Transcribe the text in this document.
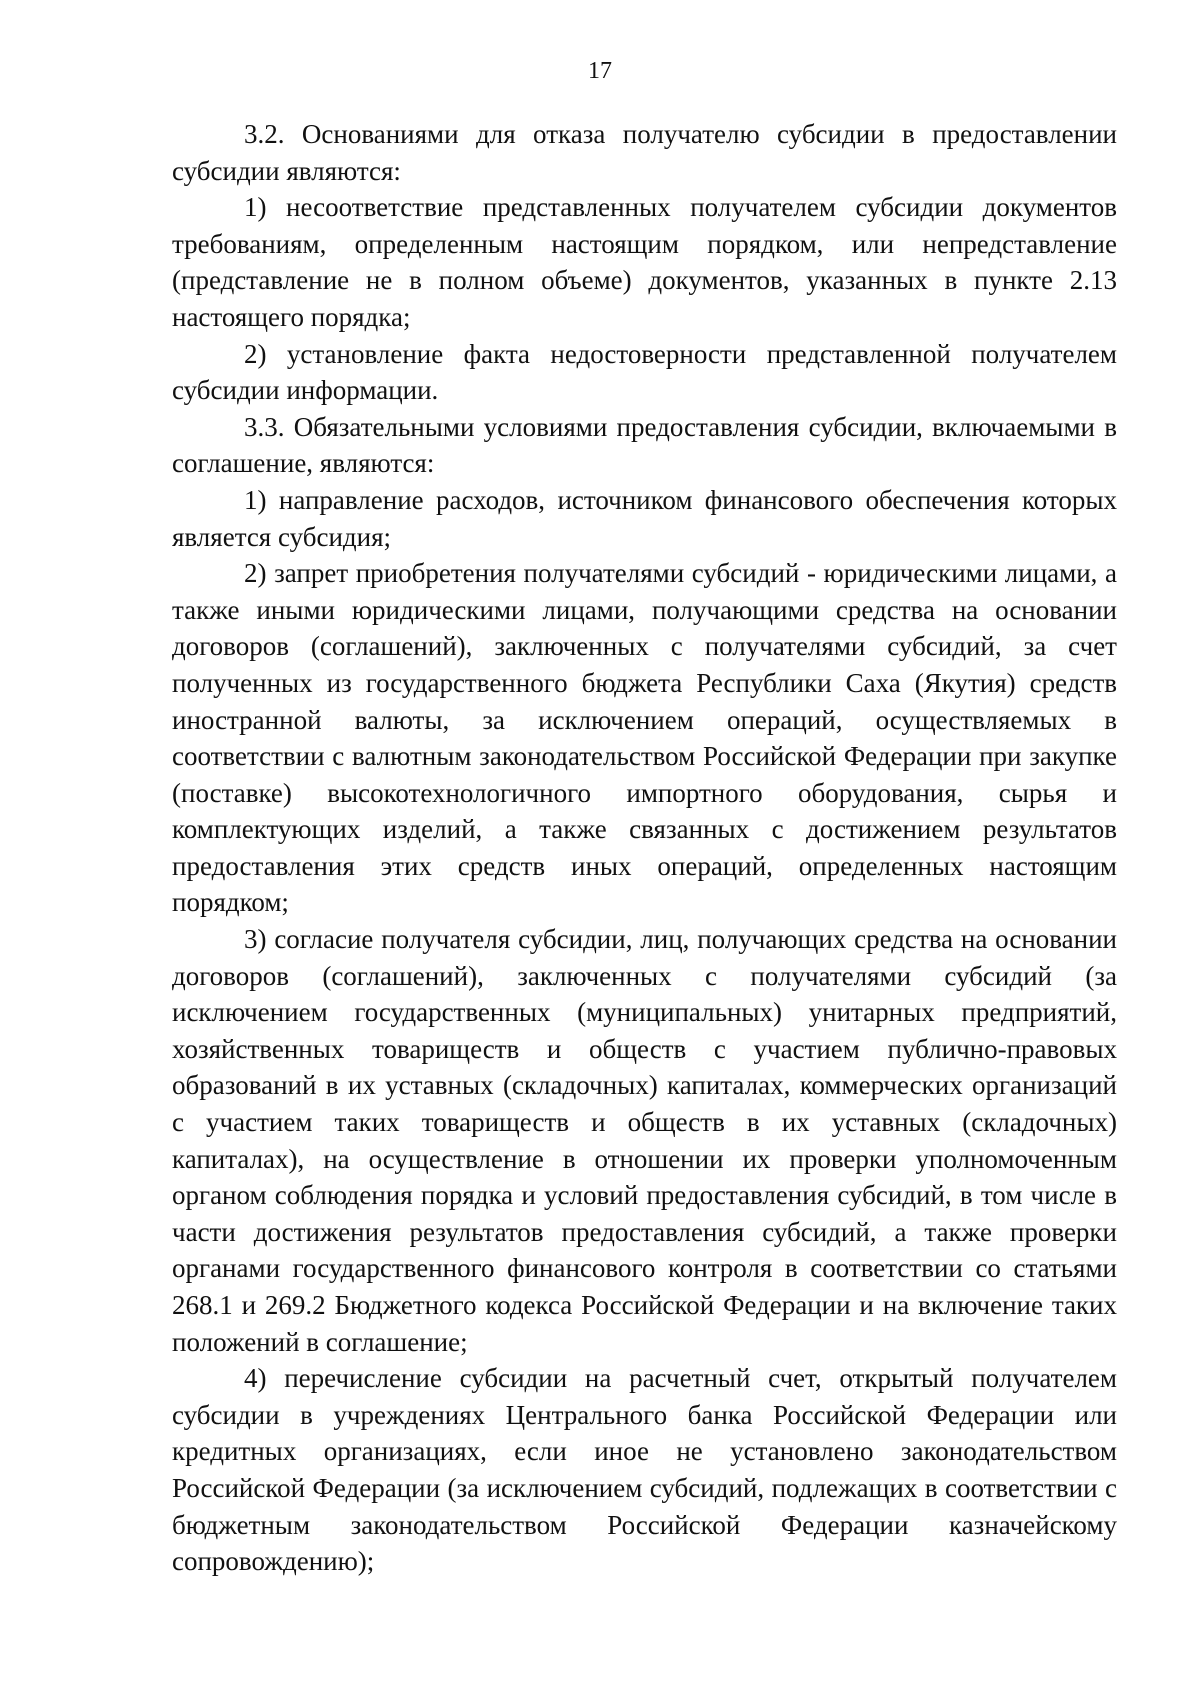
17

3.2. Основаниями для отказа получателю субсидии в предоставлении субсидии являются:

1) несоответствие представленных получателем субсидии документов требованиям, определенным настоящим порядком, или непредставление (представление не в полном объеме) документов, указанных в пункте 2.13 настоящего порядка;

2) установление факта недостоверности представленной получателем субсидии информации.

3.3. Обязательными условиями предоставления субсидии, включаемыми в соглашение, являются:

1) направление расходов, источником финансового обеспечения которых является субсидия;

2) запрет приобретения получателями субсидий - юридическими лицами, а также иными юридическими лицами, получающими средства на основании договоров (соглашений), заключенных с получателями субсидий, за счет полученных из государственного бюджета Республики Саха (Якутия) средств иностранной валюты, за исключением операций, осуществляемых в соответствии с валютным законодательством Российской Федерации при закупке (поставке) высокотехнологичного импортного оборудования, сырья и комплектующих изделий, а также связанных с достижением результатов предоставления этих средств иных операций, определенных настоящим порядком;

3) согласие получателя субсидии, лиц, получающих средства на основании договоров (соглашений), заключенных с получателями субсидий (за исключением государственных (муниципальных) унитарных предприятий, хозяйственных товариществ и обществ с участием публично-правовых образований в их уставных (складочных) капиталах, коммерческих организаций с участием таких товариществ и обществ в их уставных (складочных) капиталах), на осуществление в отношении их проверки уполномоченным органом соблюдения порядка и условий предоставления субсидий, в том числе в части достижения результатов предоставления субсидий, а также проверки органами государственного финансового контроля в соответствии со статьями 268.1 и 269.2 Бюджетного кодекса Российской Федерации и на включение таких положений в соглашение;

4) перечисление субсидии на расчетный счет, открытый получателем субсидии в учреждениях Центрального банка Российской Федерации или кредитных организациях, если иное не установлено законодательством Российской Федерации (за исключением субсидий, подлежащих в соответствии с бюджетным законодательством Российской Федерации казначейскому сопровождению);
